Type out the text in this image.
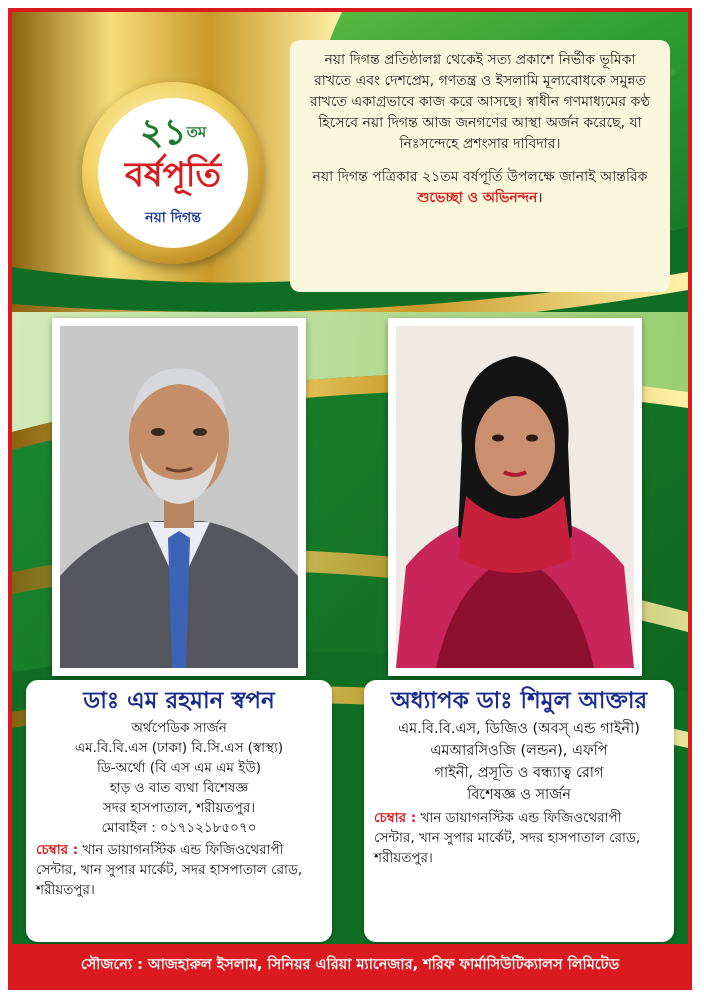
$২১^{তম}$
বর্ষপূর্তি
নয়া দিগন্ত

নয়া দিগন্ত প্রতিষ্ঠালগ্ন থেকেই সত্য প্রকাশে নির্ভীক ভূমিকা রাখতে এবং দেশপ্রেম, গণতন্ত্র ও ইসলামি মূল্যবোধকে সমুন্নত রাখতে একাগ্রভাবে কাজ করে আসছে। স্বাধীন গণমাধ্যমের কণ্ঠ হিসেবে নয়া দিগন্ত আজ জনগণের আস্থা অর্জন করেছে, যা নিঃসন্দেহে প্রশংসার দাবিদার।

নয়া দিগন্ত পত্রিকার ২১তম বর্ষপূর্তি উপলক্ষে জানাই আন্তরিক শুভেচ্ছা ও অভিনন্দন।

ডাঃ এম রহমান স্বপন

অর্থপেডিক সার্জন

এম.বি.বি.এস (ঢাকা) বি.সি.এস (স্বাস্থ্য)

ডি-অর্থো (বি এস এম এম ইউ)

হাড় ও বাত ব্যথা বিশেষজ্ঞ

সদর হাসপাতাল, শরীয়তপুর।

মোবাইল : ০১৭১২১৮৫০৭০

চেম্বার : খান ডায়াগনস্টিক এন্ড ফিজিওথেরাপী সেন্টার, খান সুপার মার্কেট, সদর হাসপাতাল রোড, শরীয়তপুর।
অধ্যাপক ডাঃ শিমুল আক্তার

এম.বি.বি.এস, ডিজিও (অবস্ এন্ড গাইনী)

এমআরসিওজি (লন্ডন), এফপি

গাইনী, প্রসূতি ও বন্ধ্যাত্ব রোগ

বিশেষজ্ঞ ও সার্জন

চেম্বার : খান ডায়াগনস্টিক এন্ড ফিজিওথেরাপী সেন্টার, খান সুপার মার্কেট, সদর হাসপাতাল রোড, শরীয়তপুর।
সৌজন্যে : আজহারুল ইসলাম, সিনিয়র এরিয়া ম্যানেজার, শরিফ ফার্মাসিউটিক্যালস লিমিটেড
